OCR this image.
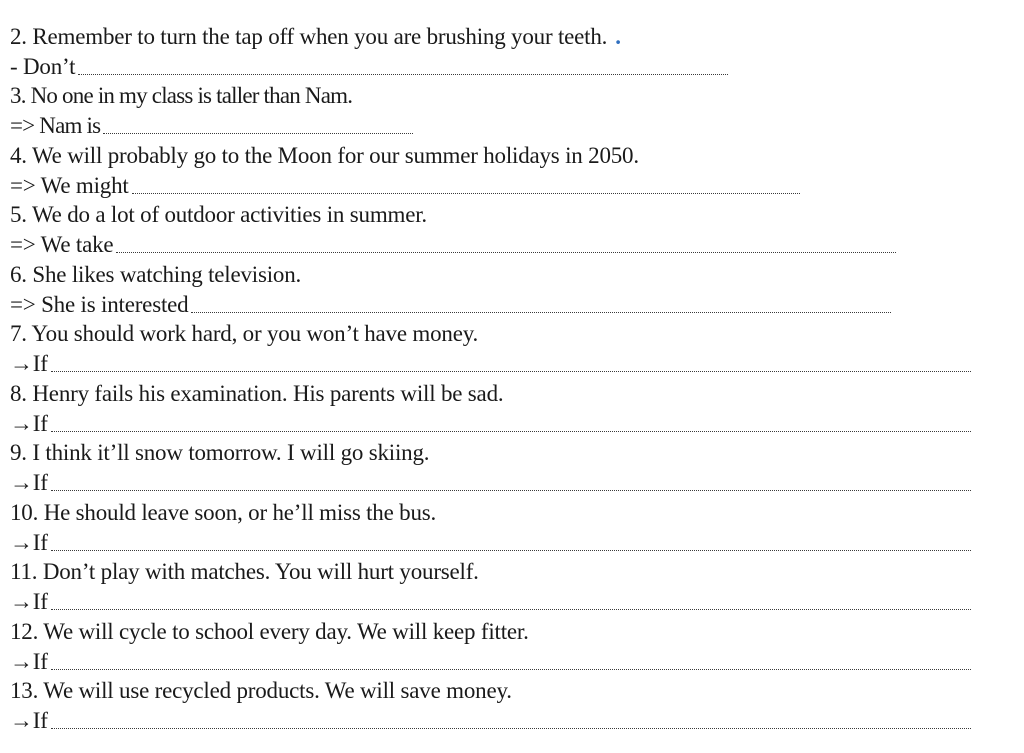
2. Remember to turn the tap off when you are brushing your teeth. .
- Don’t
3. No one in my class is taller than Nam.
=> Nam is
4. We will probably go to the Moon for our summer holidays in 2050.
=> We might
5. We do a lot of outdoor activities in summer.
=> We take
6. She likes watching television.
=> She is interested
7. You should work hard, or you won’t have money.
→If
8. Henry fails his examination. His parents will be sad.
→If
9. I think it’ll snow tomorrow. I will go skiing.
→If
10. He should leave soon, or he’ll miss the bus.
→If
11. Don’t play with matches. You will hurt yourself.
→If
12. We will cycle to school every day. We will keep fitter.
→If
13. We will use recycled products. We will save money.
→If
